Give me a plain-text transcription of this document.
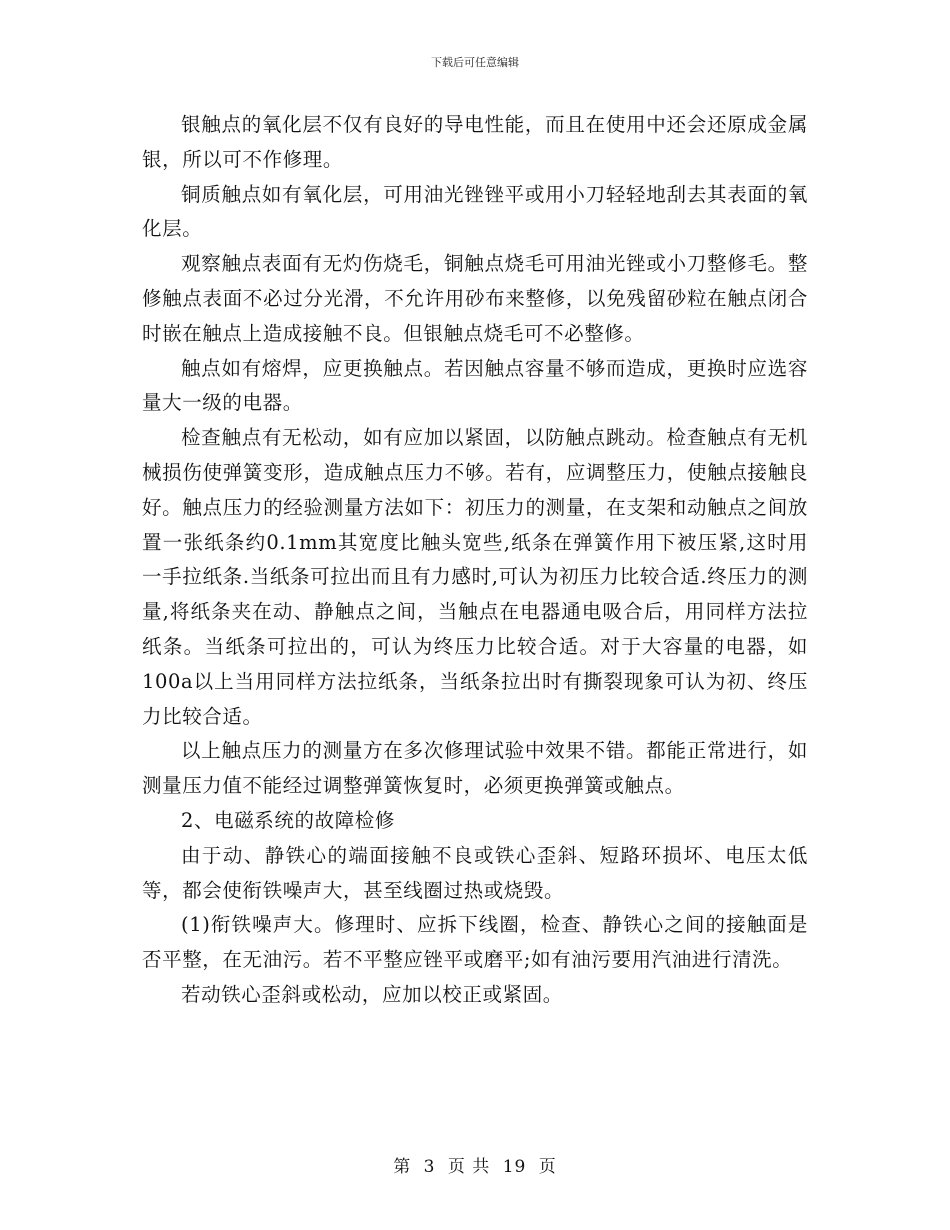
下载后可任意编辑

银触点的氧化层不仅有良好的导电性能，而且在使用中还会还原成金属银，所以可不作修理。

铜质触点如有氧化层，可用油光锉锉平或用小刀轻轻地刮去其表面的氧化层。

观察触点表面有无灼伤烧毛，铜触点烧毛可用油光锉或小刀整修毛。整修触点表面不必过分光滑，不允许用砂布来整修，以免残留砂粒在触点闭合时嵌在触点上造成接触不良。但银触点烧毛可不必整修。

触点如有熔焊，应更换触点。若因触点容量不够而造成，更换时应选容量大一级的电器。

检查触点有无松动，如有应加以紧固，以防触点跳动。检查触点有无机械损伤使弹簧变形，造成触点压力不够。若有，应调整压力，使触点接触良好。触点压力的经验测量方法如下：初压力的测量，在支架和动触点之间放置一张纸条约0.1mm其宽度比触头宽些,纸条在弹簧作用下被压紧,这时用一手拉纸条.当纸条可拉出而且有力感时,可认为初压力比较合适.终压力的测量,将纸条夹在动、静触点之间，当触点在电器通电吸合后，用同样方法拉纸条。当纸条可拉出的，可认为终压力比较合适。对于大容量的电器，如100a以上当用同样方法拉纸条，当纸条拉出时有撕裂现象可认为初、终压力比较合适。

以上触点压力的测量方在多次修理试验中效果不错。都能正常进行，如测量压力值不能经过调整弹簧恢复时，必须更换弹簧或触点。

2、电磁系统的故障检修

由于动、静铁心的端面接触不良或铁心歪斜、短路环损坏、电压太低等，都会使衔铁噪声大，甚至线圈过热或烧毁。

(1)衔铁噪声大。修理时、应拆下线圈，检查、静铁心之间的接触面是否平整，在无油污。若不平整应锉平或磨平;如有油污要用汽油进行清洗。

若动铁心歪斜或松动，应加以校正或紧固。

第 3 页 共 19 页
